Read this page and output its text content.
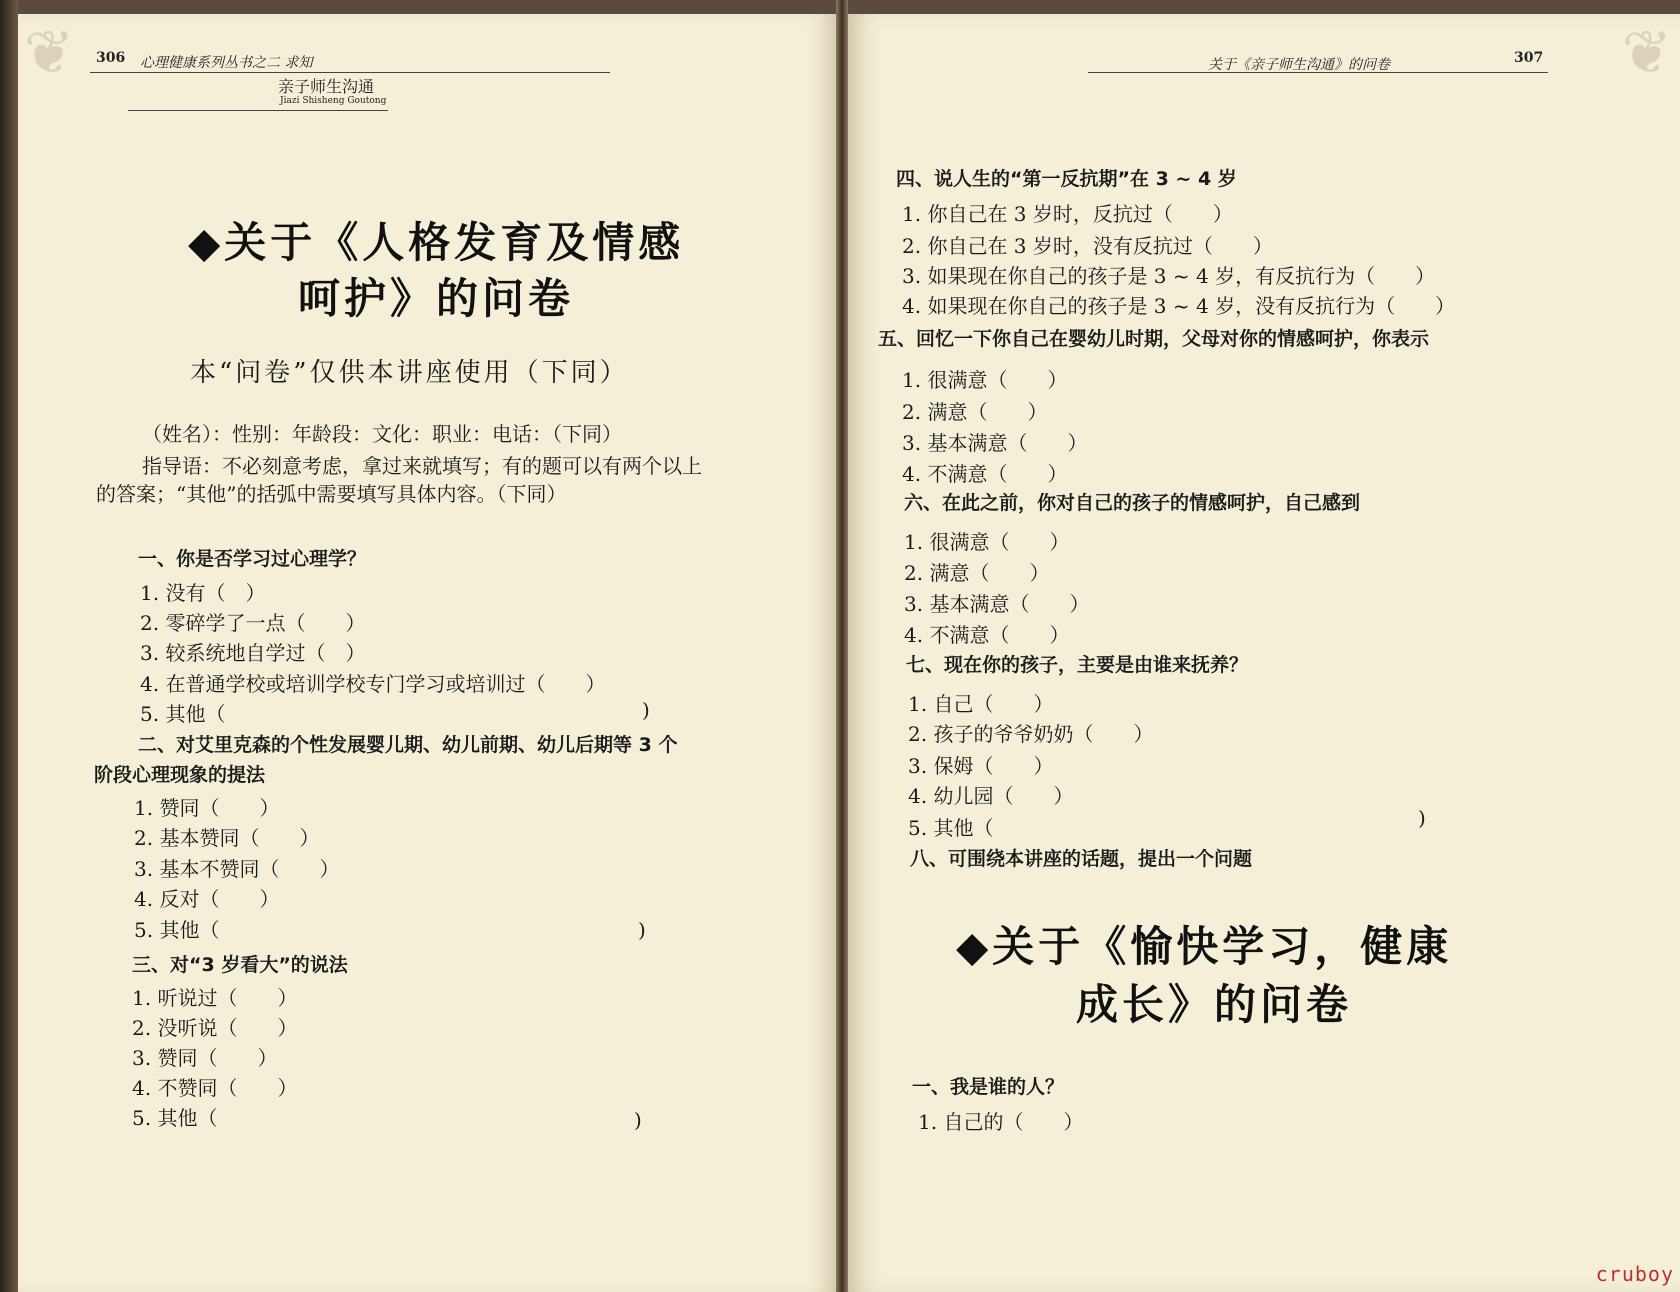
❦ 306 心理健康系列丛书之二 求知
亲子师生沟通
Jiazi Shisheng Goutong
◆关于《人格发育及情感
呵护》的问卷
本“问卷”仅供本讲座使用（下同）
（姓名）：性别：年龄段：文化：职业：电话：（下同）
指导语：不必刻意考虑，拿过来就填写；有的题可以有两个以上
的答案；“其他”的括弧中需要填写具体内容。（下同）
一、你是否学习过心理学？
1. 没有（　）
2. 零碎学了一点（　　）
3. 较系统地自学过（　）
4. 在普通学校或培训学校专门学习或培训过（　　）
5. 其他（	)
二、对艾里克森的个性发展婴儿期、幼儿前期、幼儿后期等 3 个
阶段心理现象的提法
1. 赞同（　　）
2. 基本赞同（　　）
3. 基本不赞同（　　）
4. 反对（　　）
5. 其他（	)
三、对“3 岁看大”的说法
1. 听说过（　　）
2. 没听说（　　）
3. 赞同（　　）
4. 不赞同（　　）
5. 其他（	)
❦
关于《亲子师生沟通》的问卷	307
四、说人生的“第一反抗期”在 3 ~ 4 岁
1. 你自己在 3 岁时，反抗过（　　）
2. 你自己在 3 岁时，没有反抗过（　　）
3. 如果现在你自己的孩子是 3 ~ 4 岁，有反抗行为（　　）
4. 如果现在你自己的孩子是 3 ~ 4 岁，没有反抗行为（　　）
五、回忆一下你自己在婴幼儿时期，父母对你的情感呵护，你表示
1. 很满意（　　）
2. 满意（　　）
3. 基本满意（　　）
4. 不满意（　　）
六、在此之前，你对自己的孩子的情感呵护，自己感到
1. 很满意（　　）
2. 满意（　　）
3. 基本满意（　　）
4. 不满意（　　）
七、现在你的孩子，主要是由谁来抚养？
1. 自己（　　）
2. 孩子的爷爷奶奶（　　）
3. 保姆（　　）
4. 幼儿园（　　）
5. 其他（	)
八、可围绕本讲座的话题，提出一个问题
◆关于《愉快学习，健康
成长》的问卷
一、我是谁的人？
1. 自己的（　　）
cruboy
